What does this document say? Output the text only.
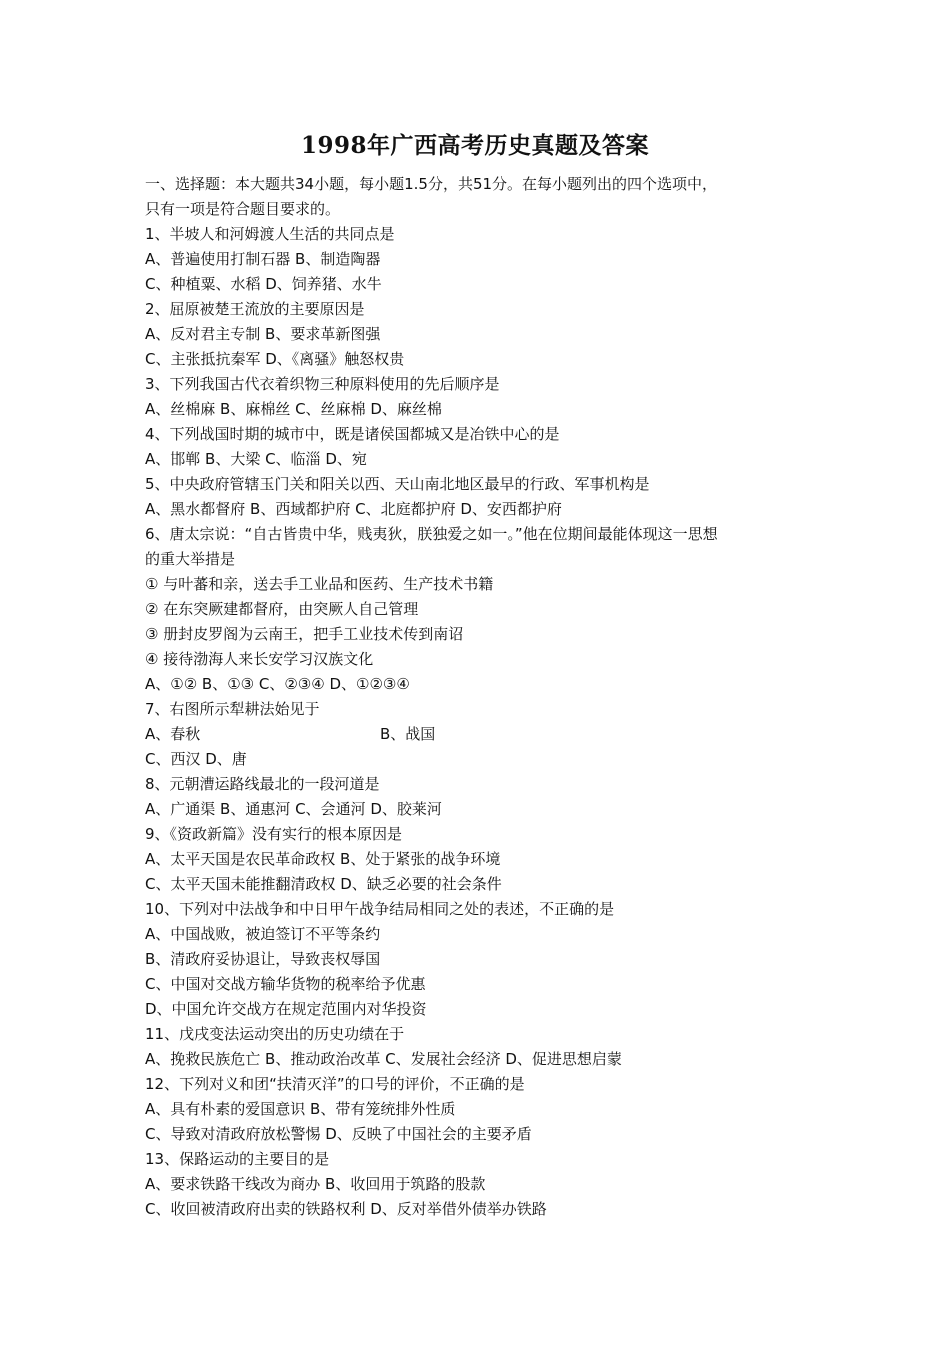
1998年广西高考历史真题及答案
一、选择题：本大题共34小题，每小题1.5分，共51分。在每小题列出的四个选项中，
只有一项是符合题目要求的。
1、半坡人和河姆渡人生活的共同点是
A、普遍使用打制石器 B、制造陶器
C、种植粟、水稻 D、饲养猪、水牛
2、屈原被楚王流放的主要原因是
A、反对君主专制 B、要求革新图强
C、主张抵抗秦军 D、《离骚》触怒权贵
3、下列我国古代衣着织物三种原料使用的先后顺序是
A、丝棉麻 B、麻棉丝 C、丝麻棉 D、麻丝棉
4、下列战国时期的城市中，既是诸侯国都城又是冶铁中心的是
A、邯郸 B、大梁 C、临淄 D、宛
5、中央政府管辖玉门关和阳关以西、天山南北地区最早的行政、军事机构是
A、黑水都督府 B、西域都护府 C、北庭都护府 D、安西都护府
6、唐太宗说：“自古皆贵中华，贱夷狄，朕独爱之如一。”他在位期间最能体现这一思想
的重大举措是
① 与叶蕃和亲，送去手工业品和医药、生产技术书籍
② 在东突厥建都督府，由突厥人自己管理
③ 册封皮罗阁为云南王，把手工业技术传到南诏
④ 接待渤海人来长安学习汉族文化
A、①② B、①③ C、②③④ D、①②③④
7、右图所示犁耕法始见于
A、春秋	B、战国
C、西汉 D、唐
8、元朝漕运路线最北的一段河道是
A、广通渠 B、通惠河 C、会通河 D、胶莱河
9、《资政新篇》没有实行的根本原因是
A、太平天国是农民革命政权 B、处于紧张的战争环境
C、太平天国未能推翻清政权 D、缺乏必要的社会条件
10、下列对中法战争和中日甲午战争结局相同之处的表述，不正确的是
A、中国战败，被迫签订不平等条约
B、清政府妥协退让，导致丧权辱国
C、中国对交战方输华货物的税率给予优惠
D、中国允许交战方在规定范围内对华投资
11、戊戌变法运动突出的历史功绩在于
A、挽救民族危亡 B、推动政治改革 C、发展社会经济 D、促进思想启蒙
12、下列对义和团“扶清灭洋”的口号的评价，不正确的是
A、具有朴素的爱国意识 B、带有笼统排外性质
C、导致对清政府放松警惕 D、反映了中国社会的主要矛盾
13、保路运动的主要目的是
A、要求铁路干线改为商办 B、收回用于筑路的股款
C、收回被清政府出卖的铁路权利 D、反对举借外债举办铁路
